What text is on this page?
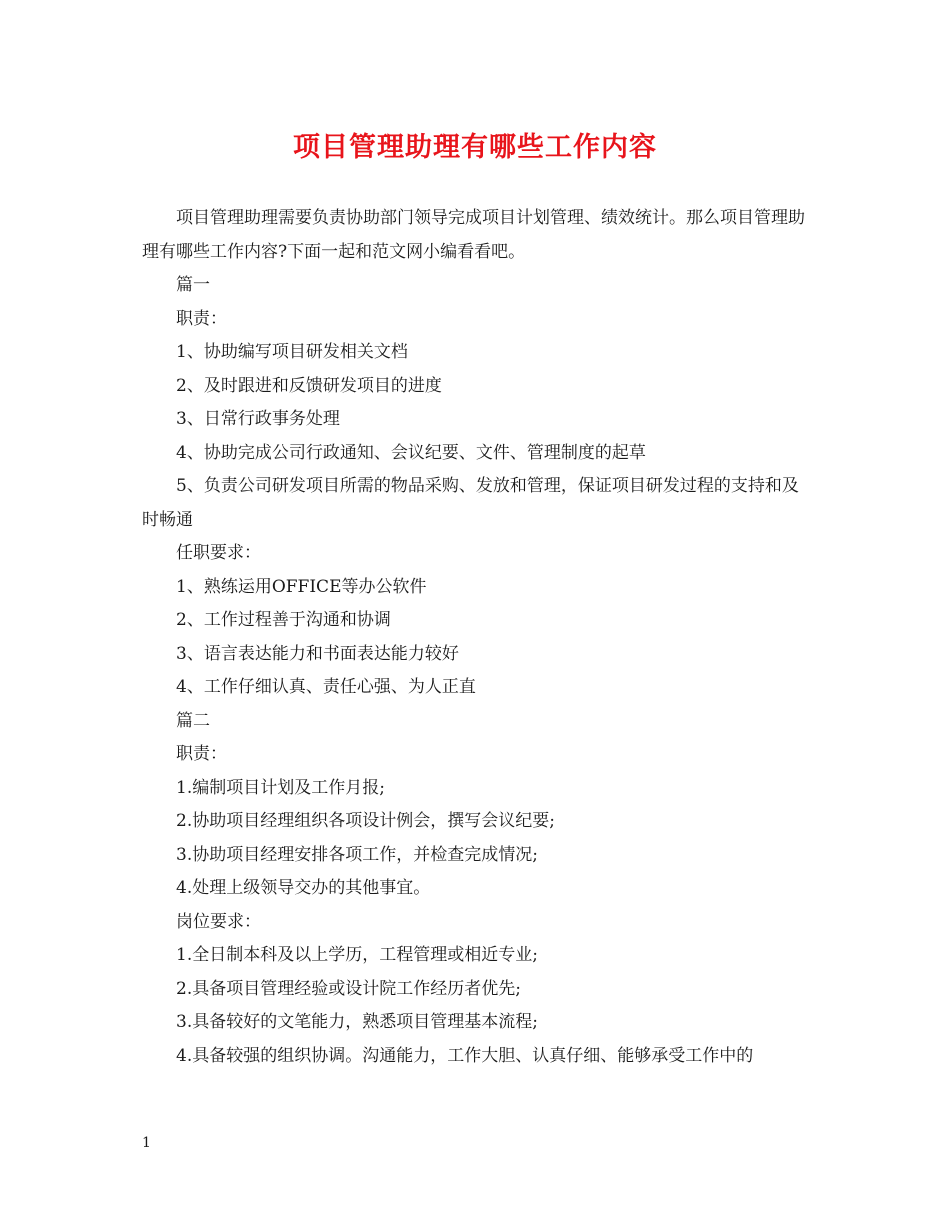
项目管理助理有哪些工作内容

项目管理助理需要负责协助部门领导完成项目计划管理、绩效统计。那么项目管理助理有哪些工作内容?下面一起和范文网小编看看吧。

篇一

职责：

1、协助编写项目研发相关文档

2、及时跟进和反馈研发项目的进度

3、日常行政事务处理

4、协助完成公司行政通知、会议纪要、文件、管理制度的起草

5、负责公司研发项目所需的物品采购、发放和管理，保证项目研发过程的支持和及时畅通

任职要求：

1、熟练运用OFFICE等办公软件

2、工作过程善于沟通和协调

3、语言表达能力和书面表达能力较好

4、工作仔细认真、责任心强、为人正直

篇二

职责：

1.编制项目计划及工作月报;

2.协助项目经理组织各项设计例会，撰写会议纪要;

3.协助项目经理安排各项工作，并检查完成情况;

4.处理上级领导交办的其他事宜。

岗位要求：

1.全日制本科及以上学历，工程管理或相近专业;

2.具备项目管理经验或设计院工作经历者优先;

3.具备较好的文笔能力，熟悉项目管理基本流程;

4.具备较强的组织协调。沟通能力，工作大胆、认真仔细、能够承受工作中的

1
